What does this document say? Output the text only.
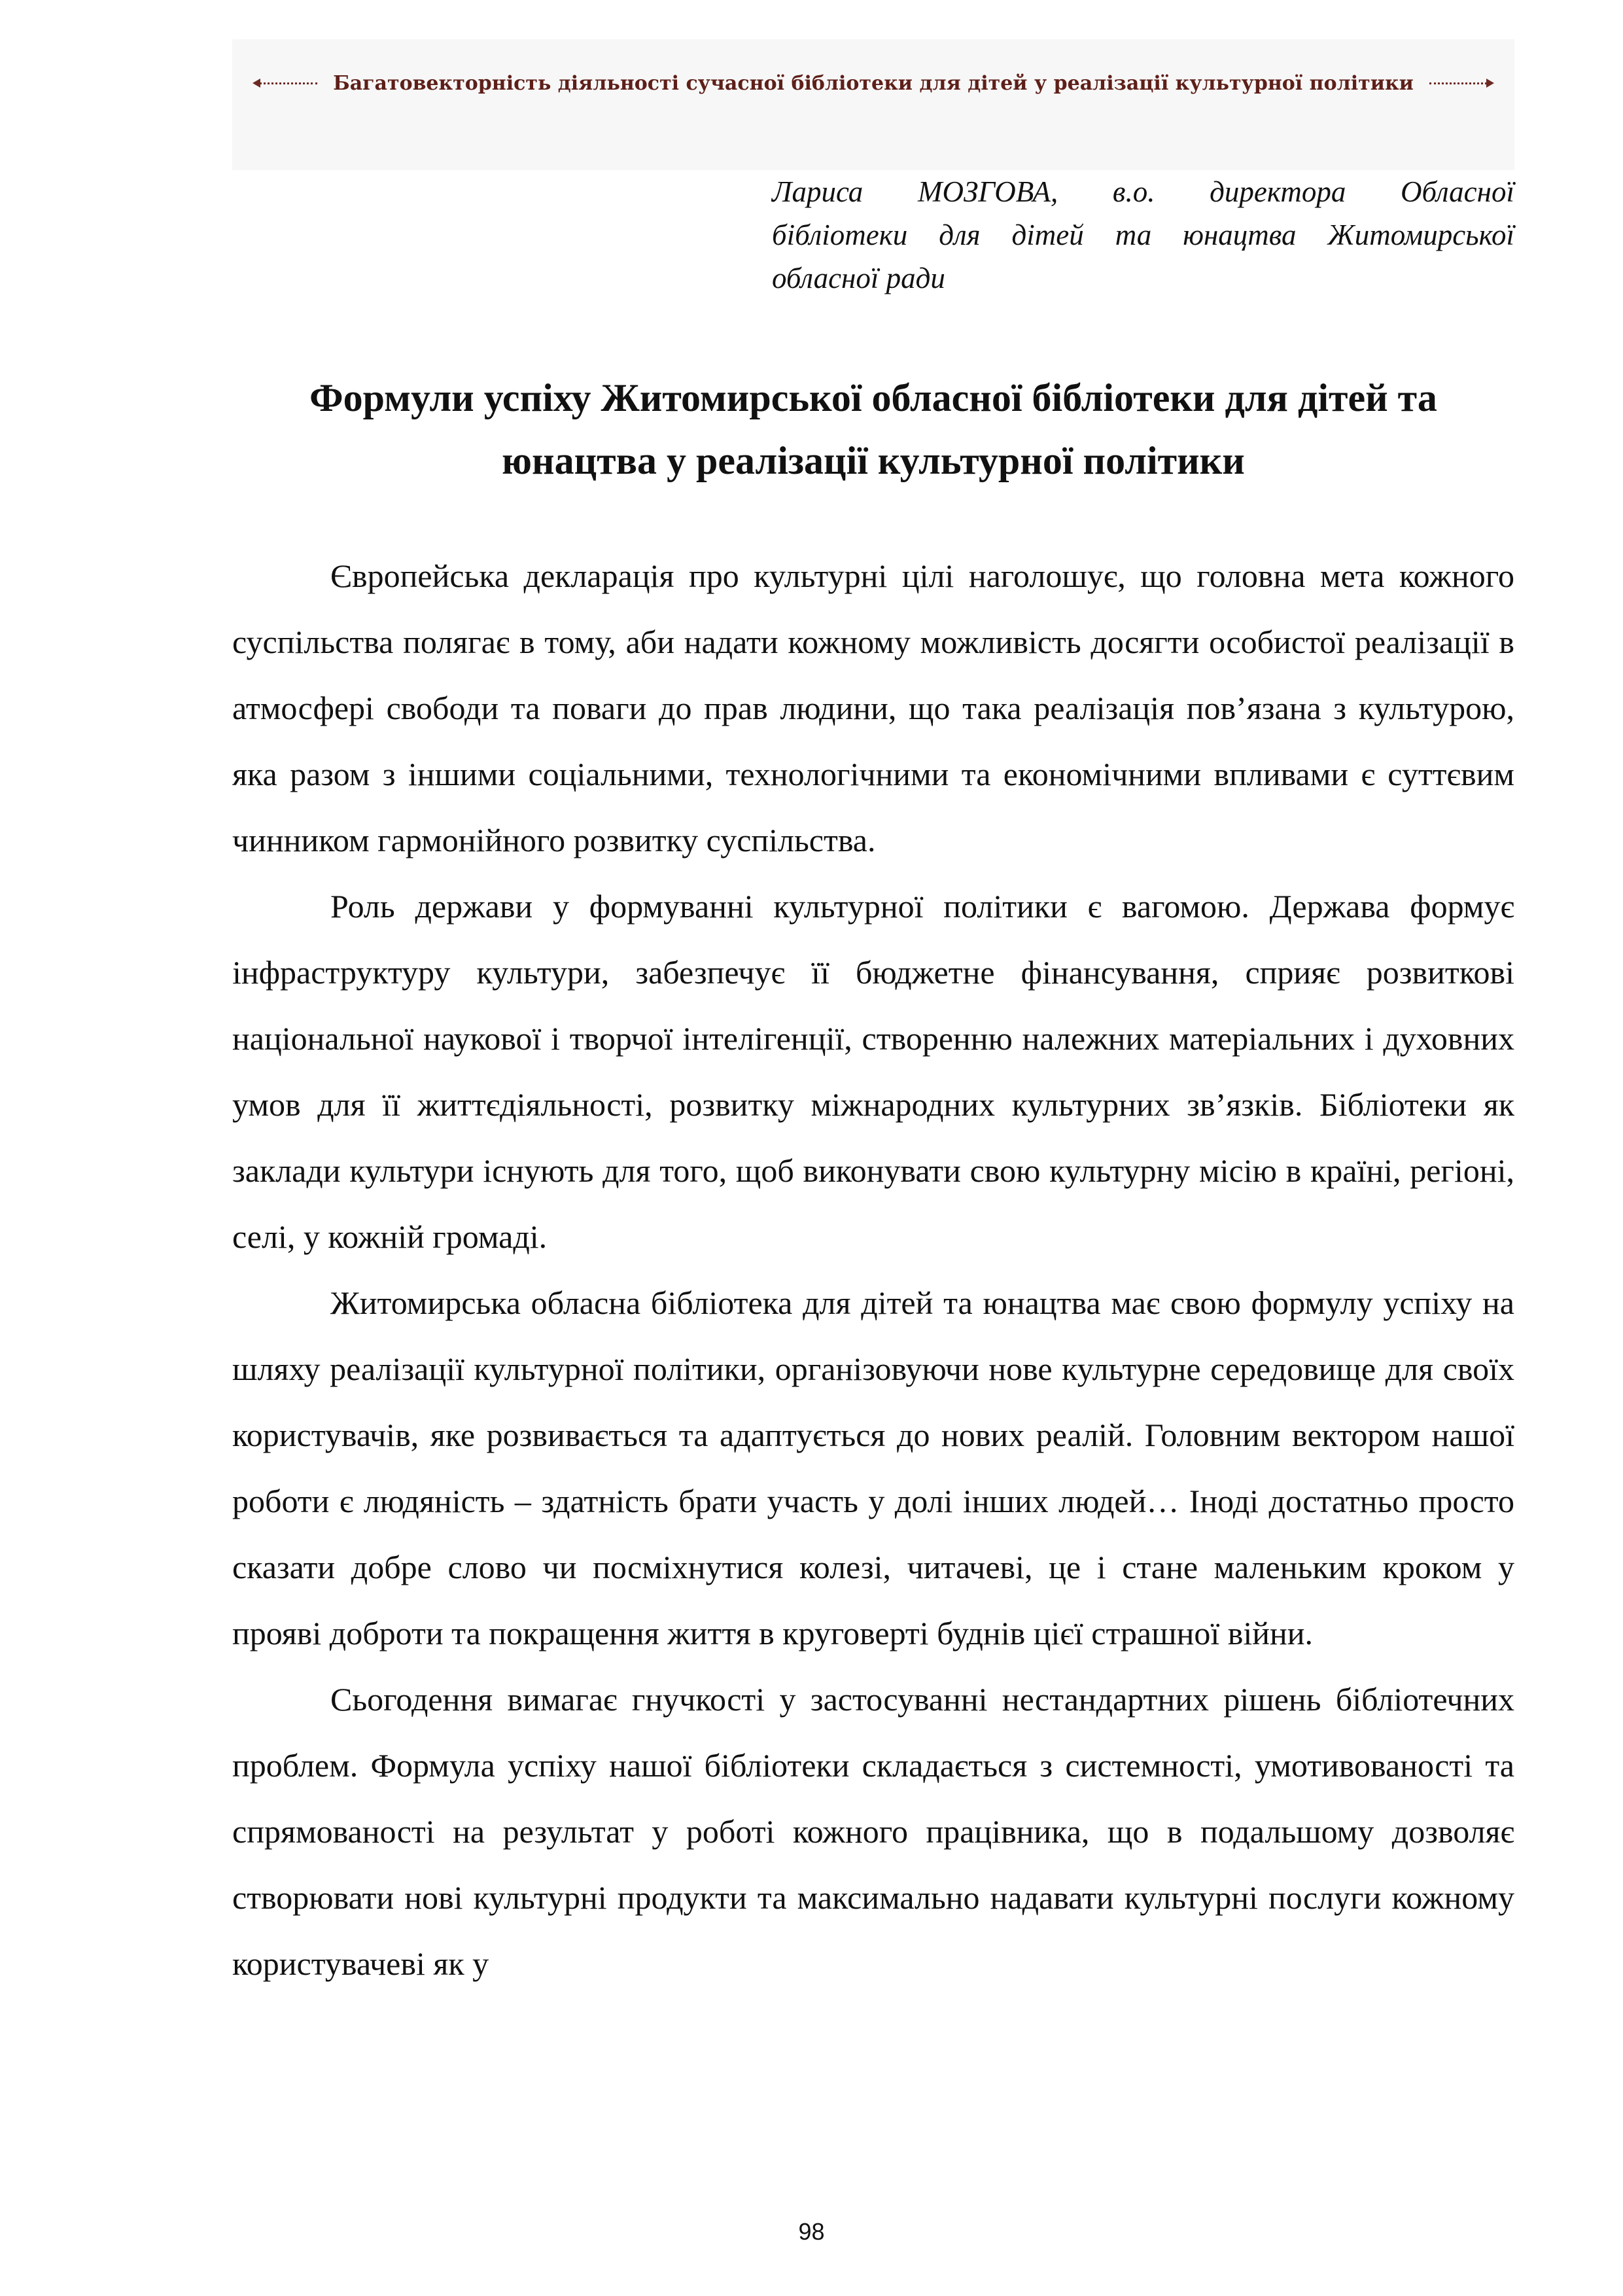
Багатовекторність діяльності сучасної бібліотеки для дітей у реалізації культурної політики
Лариса МОЗГОВА, в.о. директора Обласної
бібліотеки для дітей та юнацтва Житомирської
обласної ради
Формули успіху Житомирської обласної бібліотеки для дітей та
юнацтва у реалізації культурної політики

Європейська декларація про культурні цілі наголошує, що головна мета кожного суспільства полягає в тому, аби надати кожному можливість досягти особистої реалізації в атмосфері свободи та поваги до прав людини, що така реалізація пов’язана з культурою, яка разом з іншими соціальними, технологічними та економічними впливами є суттєвим чинником гармонійного розвитку суспільства.

Роль держави у формуванні культурної політики є вагомою. Держава формує інфраструктуру культури, забезпечує її бюджетне фінансування, сприяє розвиткові національної наукової і творчої інтелігенції, створенню належних матеріальних і духовних умов для її життєдіяльності, розвитку міжнародних культурних зв’язків. Бібліотеки як заклади культури існують для того, щоб виконувати свою культурну місію в країні, регіоні, селі, у кожній громаді.

Житомирська обласна бібліотека для дітей та юнацтва має свою формулу успіху на шляху реалізації культурної політики, організовуючи нове культурне середовище для своїх користувачів, яке розвивається та адаптується до нових реалій. Головним вектором нашої роботи є людяність – здатність брати участь у долі інших людей… Іноді достатньо просто сказати добре слово чи посміхнутися колезі, читачеві, це і стане маленьким кроком у прояві доброти та покращення життя в круговерті буднів цієї страшної війни.

Сьогодення вимагає гнучкості у застосуванні нестандартних рішень бібліотечних проблем. Формула успіху нашої бібліотеки складається з системності, умотивованості та спрямованості на результат у роботі кожного працівника, що в подальшому дозволяє створювати нові культурні продукти та максимально надавати культурні послуги кожному користувачеві як у

98
